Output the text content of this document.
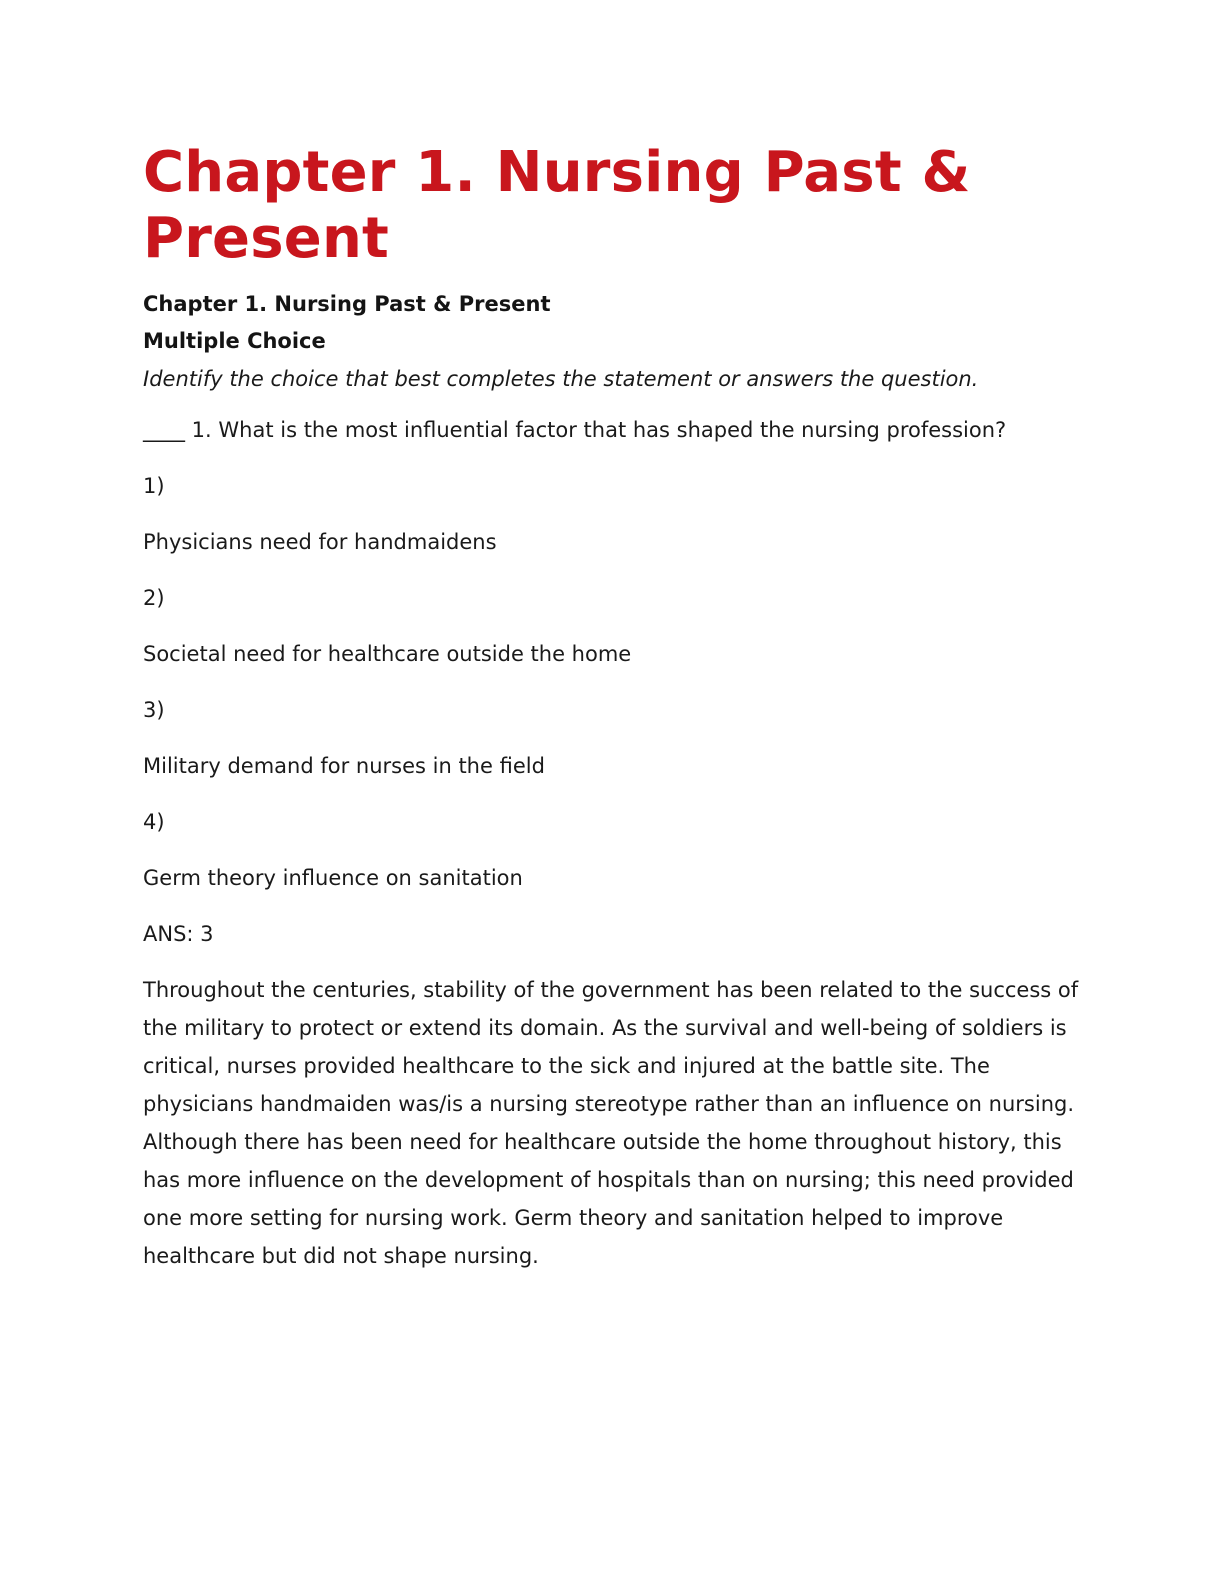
Chapter 1. Nursing Past & Present
Chapter 1. Nursing Past & Present
Multiple Choice
Identify the choice that best completes the statement or answers the question.

____ 1. What is the most influential factor that has shaped the nursing profession?

1)

Physicians need for handmaidens

2)

Societal need for healthcare outside the home

3)

Military demand for nurses in the field

4)

Germ theory influence on sanitation

ANS: 3

Throughout the centuries, stability of the government has been related to the success of the military to protect or extend its domain. As the survival and well-being of soldiers is critical, nurses provided healthcare to the sick and injured at the battle site. The physicians handmaiden was/is a nursing stereotype rather than an influence on nursing. Although there has been need for healthcare outside the home throughout history, this has more influence on the development of hospitals than on nursing; this need provided one more setting for nursing work. Germ theory and sanitation helped to improve healthcare but did not shape nursing.
